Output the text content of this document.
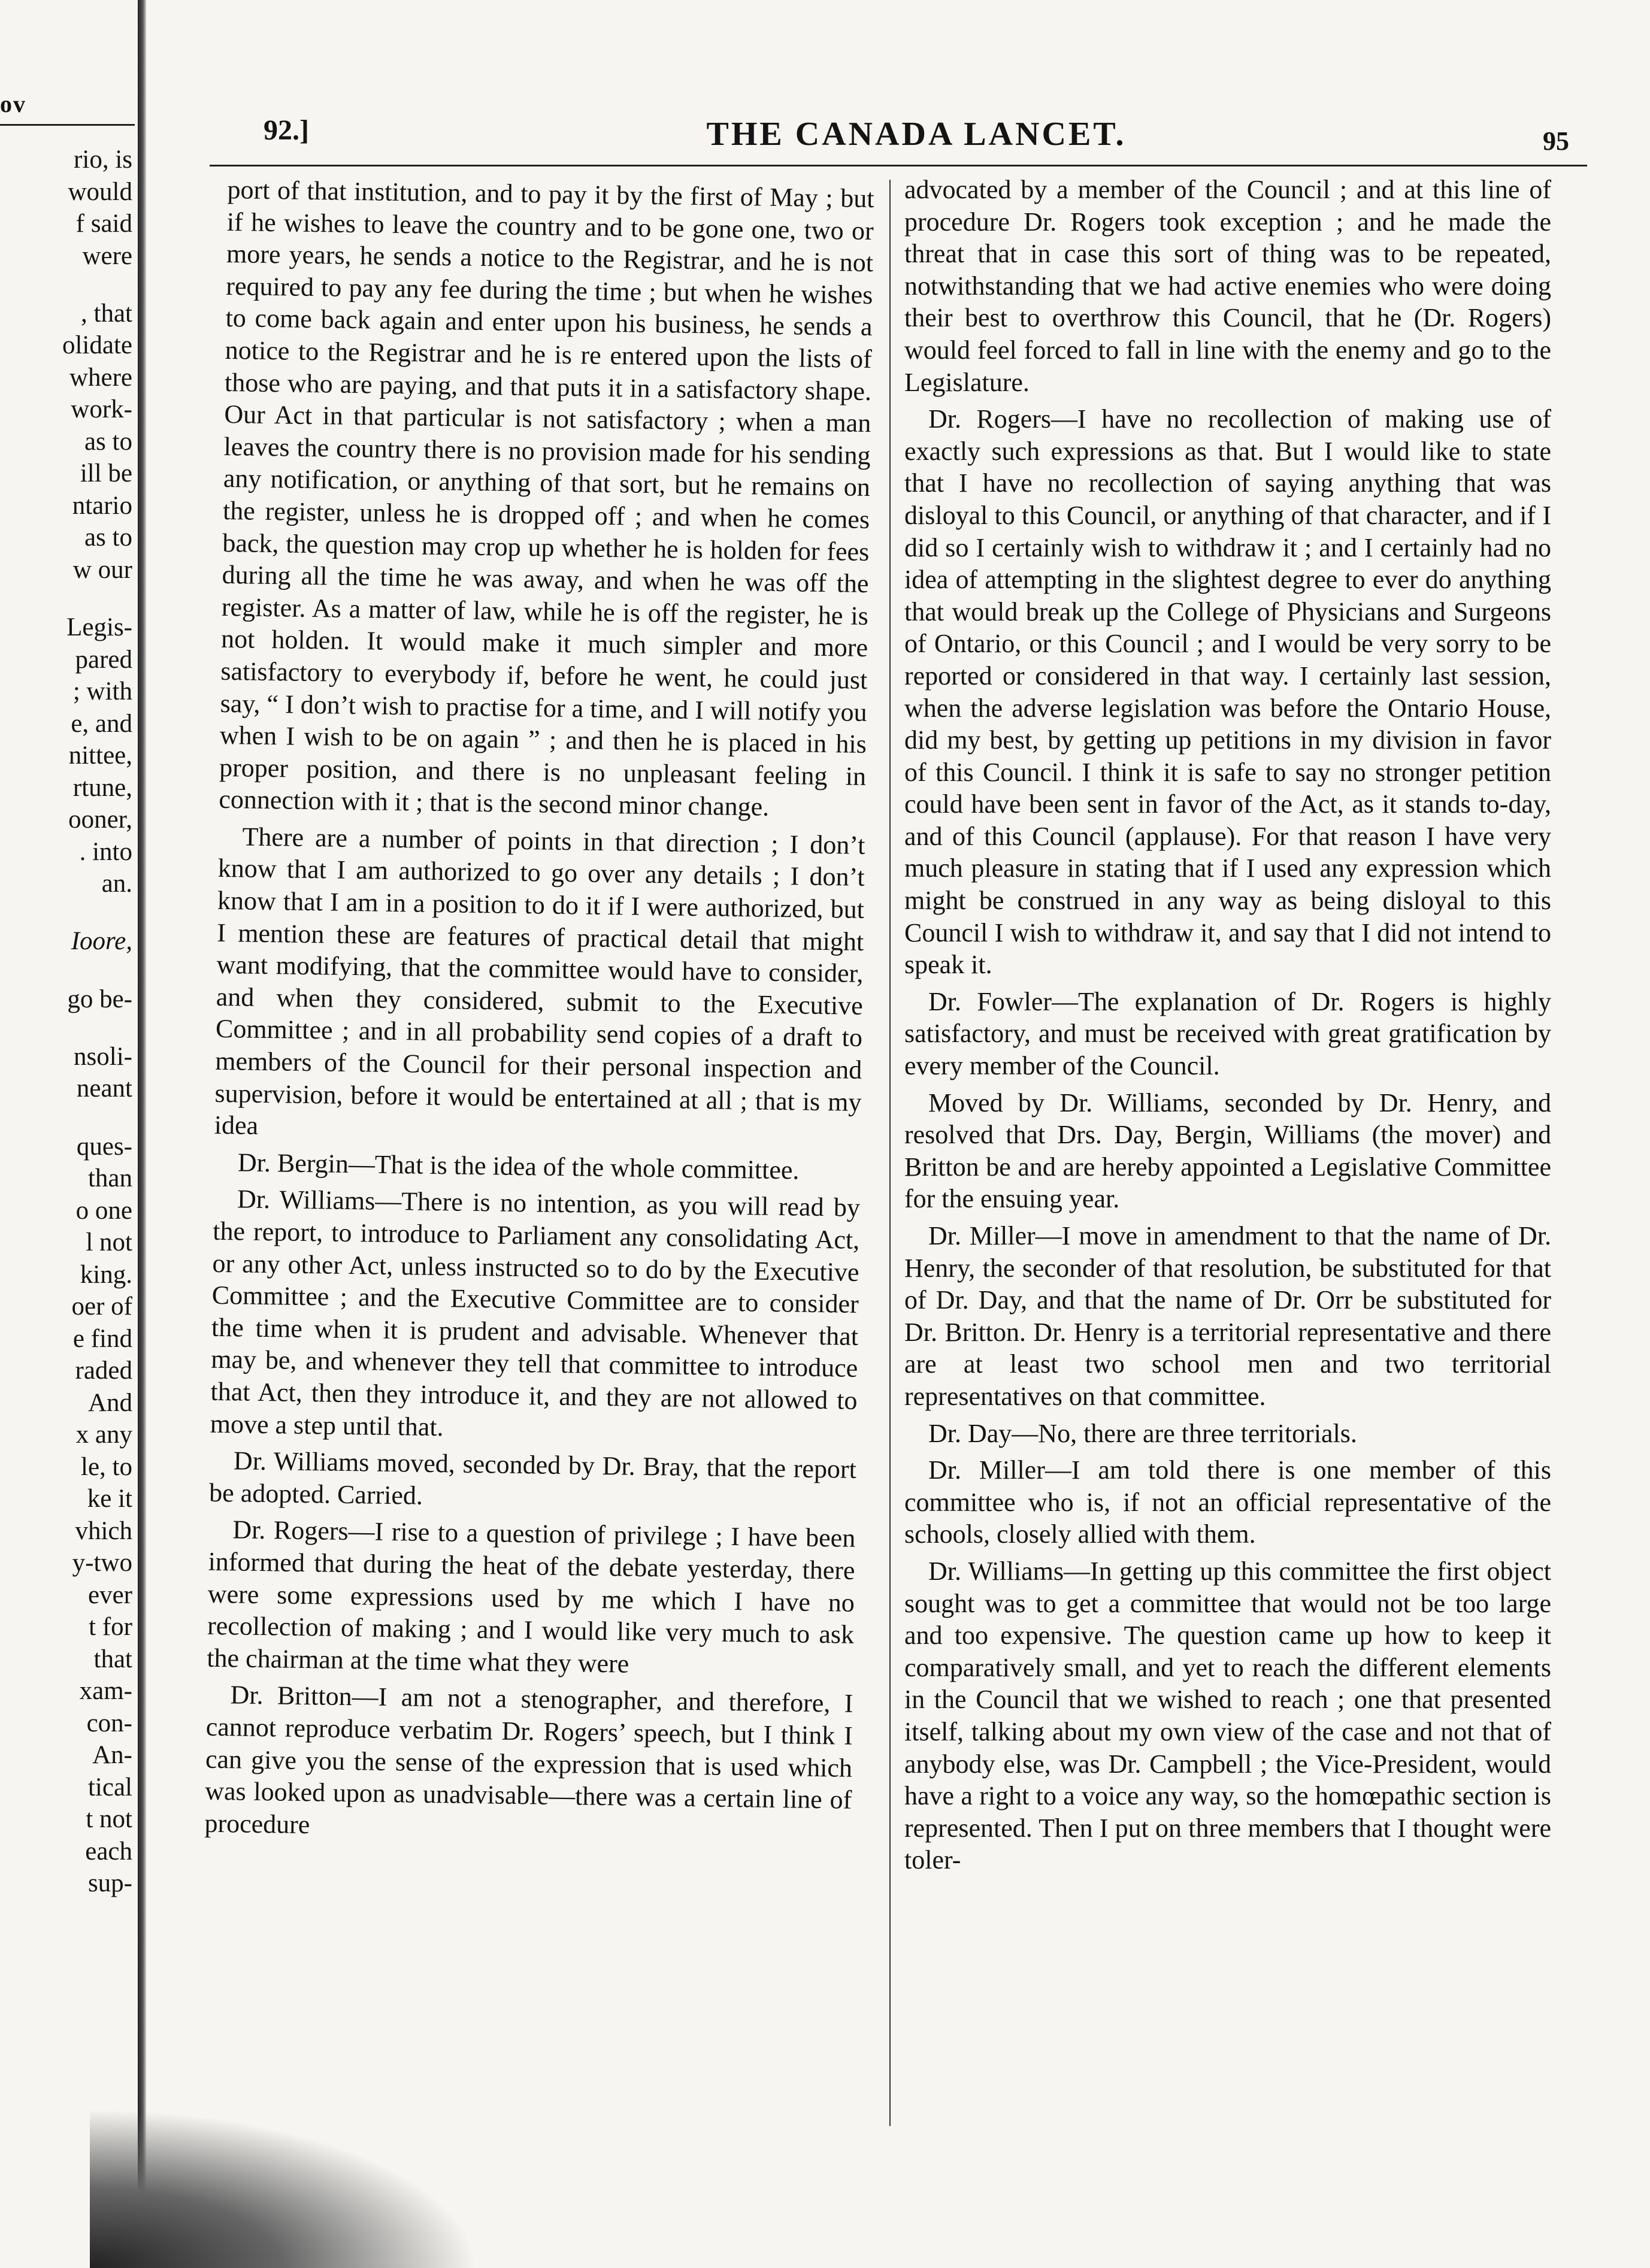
ov
rio, is
would
f said
were
, that
olidate
where
work-
as to
ill be
ntario
as to
w our
Legis-
pared
; with
e, and
nittee,
rtune,
ooner,
. into
an.
Ioore,
go be-
nsoli-
neant
ques-
than
o one
l not
king.
oer of
e find
raded
And
x any
le, to
ke it
vhich
y-two
ever
t for
that
xam-
con-
An-
tical
t not
each
sup-
92.]	THE CANADA LANCET.	95

port of that institution, and to pay it by the first of May ; but if he wishes to leave the country and to be gone one, two or more years, he sends a notice to the Registrar, and he is not required to pay any fee during the time ; but when he wishes to come back again and enter upon his business, he sends a notice to the Registrar and he is re entered upon the lists of those who are paying, and that puts it in a satisfactory shape. Our Act in that particular is not satisfactory ; when a man leaves the country there is no provision made for his sending any notification, or anything of that sort, but he remains on the register, unless he is dropped off ; and when he comes back, the question may crop up whether he is holden for fees during all the time he was away, and when he was off the register. As a matter of law, while he is off the register, he is not holden. It would make it much simpler and more satisfactory to everybody if, before he went, he could just say, “ I don’t wish to practise for a time, and I will notify you when I wish to be on again ” ; and then he is placed in his proper position, and there is no unpleasant feeling in connection with it ; that is the second minor change.

There are a number of points in that direction ; I don’t know that I am authorized to go over any details ; I don’t know that I am in a position to do it if I were authorized, but I mention these are features of practical detail that might want modifying, that the committee would have to consider, and when they considered, submit to the Executive Committee ; and in all probability send copies of a draft to members of the Council for their personal inspection and supervision, before it would be entertained at all ; that is my idea

Dr. Bergin—That is the idea of the whole committee.

Dr. Williams—There is no intention, as you will read by the report, to introduce to Parliament any consolidating Act, or any other Act, unless instructed so to do by the Executive Committee ; and the Executive Committee are to consider the time when it is prudent and advisable. Whenever that may be, and whenever they tell that committee to introduce that Act, then they introduce it, and they are not allowed to move a step until that.

Dr. Williams moved, seconded by Dr. Bray, that the report be adopted. Carried.

Dr. Rogers—I rise to a question of privilege ; I have been informed that during the heat of the debate yesterday, there were some expressions used by me which I have no recollection of making ; and I would like very much to ask the chairman at the time what they were

Dr. Britton—I am not a stenographer, and therefore, I cannot reproduce verbatim Dr. Rogers’ speech, but I think I can give you the sense of the expression that is used which was looked upon as unadvisable—there was a certain line of procedure

advocated by a member of the Council ; and at this line of procedure Dr. Rogers took exception ; and he made the threat that in case this sort of thing was to be repeated, notwithstanding that we had active enemies who were doing their best to overthrow this Council, that he (Dr. Rogers) would feel forced to fall in line with the enemy and go to the Legislature.

Dr. Rogers—I have no recollection of making use of exactly such expressions as that. But I would like to state that I have no recollection of saying anything that was disloyal to this Council, or anything of that character, and if I did so I certainly wish to withdraw it ; and I certainly had no idea of attempting in the slightest degree to ever do anything that would break up the College of Physicians and Surgeons of Ontario, or this Council ; and I would be very sorry to be reported or considered in that way. I certainly last session, when the adverse legislation was before the Ontario House, did my best, by getting up petitions in my division in favor of this Council. I think it is safe to say no stronger petition could have been sent in favor of the Act, as it stands to-day, and of this Council (applause). For that reason I have very much pleasure in stating that if I used any expression which might be construed in any way as being disloyal to this Council I wish to withdraw it, and say that I did not intend to speak it.

Dr. Fowler—The explanation of Dr. Rogers is highly satisfactory, and must be received with great gratification by every member of the Council.

Moved by Dr. Williams, seconded by Dr. Henry, and resolved that Drs. Day, Bergin, Williams (the mover) and Britton be and are hereby appointed a Legislative Committee for the ensuing year.

Dr. Miller—I move in amendment to that the name of Dr. Henry, the seconder of that resolution, be substituted for that of Dr. Day, and that the name of Dr. Orr be substituted for Dr. Britton. Dr. Henry is a territorial representative and there are at least two school men and two territorial representatives on that committee.

Dr. Day—No, there are three territorials.

Dr. Miller—I am told there is one member of this committee who is, if not an official representative of the schools, closely allied with them.

Dr. Williams—In getting up this committee the first object sought was to get a committee that would not be too large and too expensive. The question came up how to keep it comparatively small, and yet to reach the different elements in the Council that we wished to reach ; one that presented itself, talking about my own view of the case and not that of anybody else, was Dr. Campbell ; the Vice-President, would have a right to a voice any way, so the homœpathic section is represented. Then I put on three members that I thought were toler-
